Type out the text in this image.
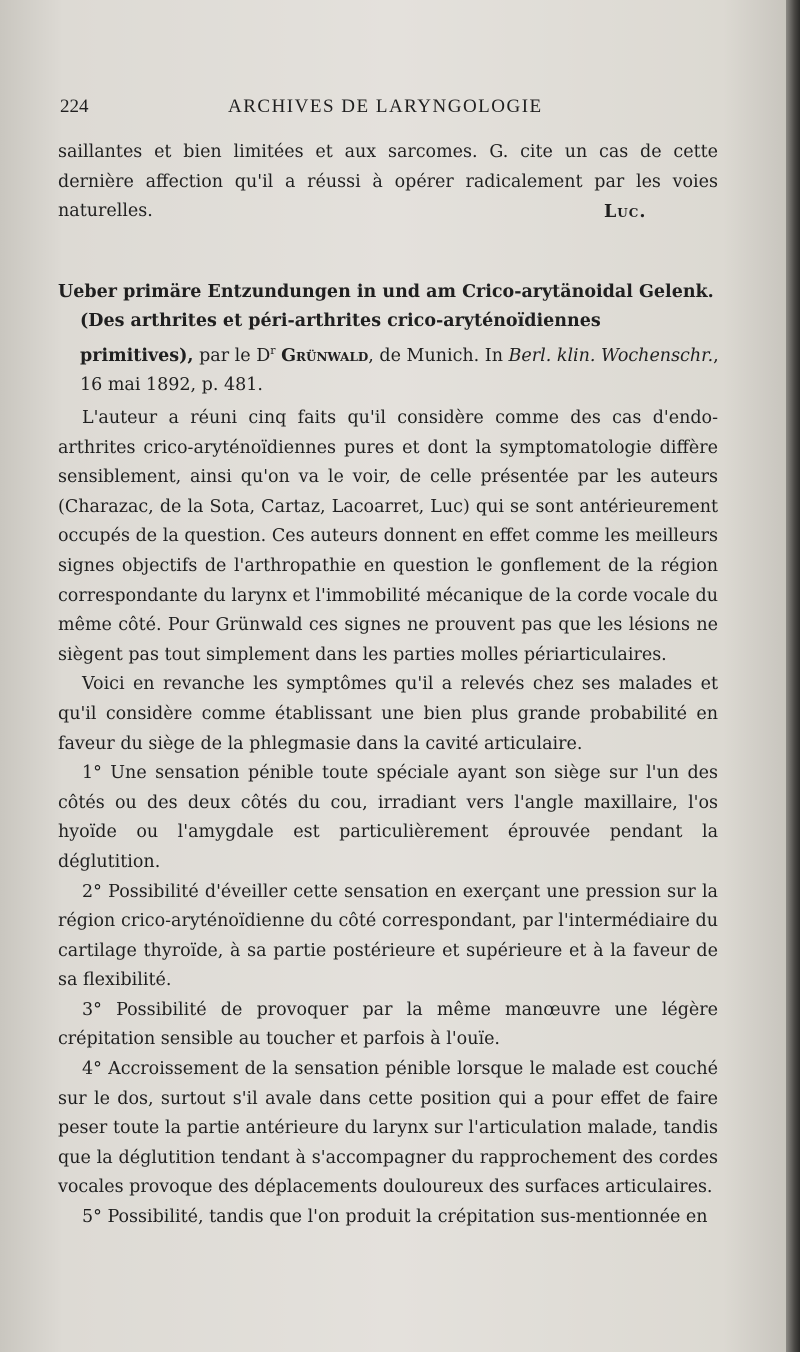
224	ARCHIVES DE LARYNGOLOGIE
saillantes et bien limitées et aux sarcomes. G. cite un cas de cette dernière affection qu'il a réussi à opérer radicalement par les voies naturelles.	Luc.
Ueber primäre Entzundungen in und am Crico-arytänoidal Gelenk.
(Des arthrites et péri-arthrites crico-aryténoïdiennes primitives), par le $D^r$ Grünwald, de Munich. In Berl. klin. Wochenschr., 16 mai 1892, p. 481.

L'auteur a réuni cinq faits qu'il considère comme des cas d'endo-arthrites crico-aryténoïdiennes pures et dont la symptomatologie diffère sensiblement, ainsi qu'on va le voir, de celle présentée par les auteurs (Charazac, de la Sota, Cartaz, Lacoarret, Luc) qui se sont antérieurement occupés de la question. Ces auteurs donnent en effet comme les meilleurs signes objectifs de l'arthropathie en question le gonflement de la région correspondante du larynx et l'immobilité mécanique de la corde vocale du même côté. Pour Grünwald ces signes ne prouvent pas que les lésions ne siègent pas tout simplement dans les parties molles périarticulaires.

Voici en revanche les symptômes qu'il a relevés chez ses malades et qu'il considère comme établissant une bien plus grande probabilité en faveur du siège de la phlegmasie dans la cavité articulaire.

1° Une sensation pénible toute spéciale ayant son siège sur l'un des côtés ou des deux côtés du cou, irradiant vers l'angle maxillaire, l'os hyoïde ou l'amygdale est particulièrement éprouvée pendant la déglutition.

2° Possibilité d'éveiller cette sensation en exerçant une pression sur la région crico-aryténoïdienne du côté correspondant, par l'intermédiaire du cartilage thyroïde, à sa partie postérieure et supérieure et à la faveur de sa flexibilité.

3° Possibilité de provoquer par la même manœuvre une légère crépitation sensible au toucher et parfois à l'ouïe.

4° Accroissement de la sensation pénible lorsque le malade est couché sur le dos, surtout s'il avale dans cette position qui a pour effet de faire peser toute la partie antérieure du larynx sur l'articulation malade, tandis que la déglutition tendant à s'accompagner du rapprochement des cordes vocales provoque des déplacements douloureux des surfaces articulaires.

5° Possibilité, tandis que l'on produit la crépitation sus-mentionnée en
